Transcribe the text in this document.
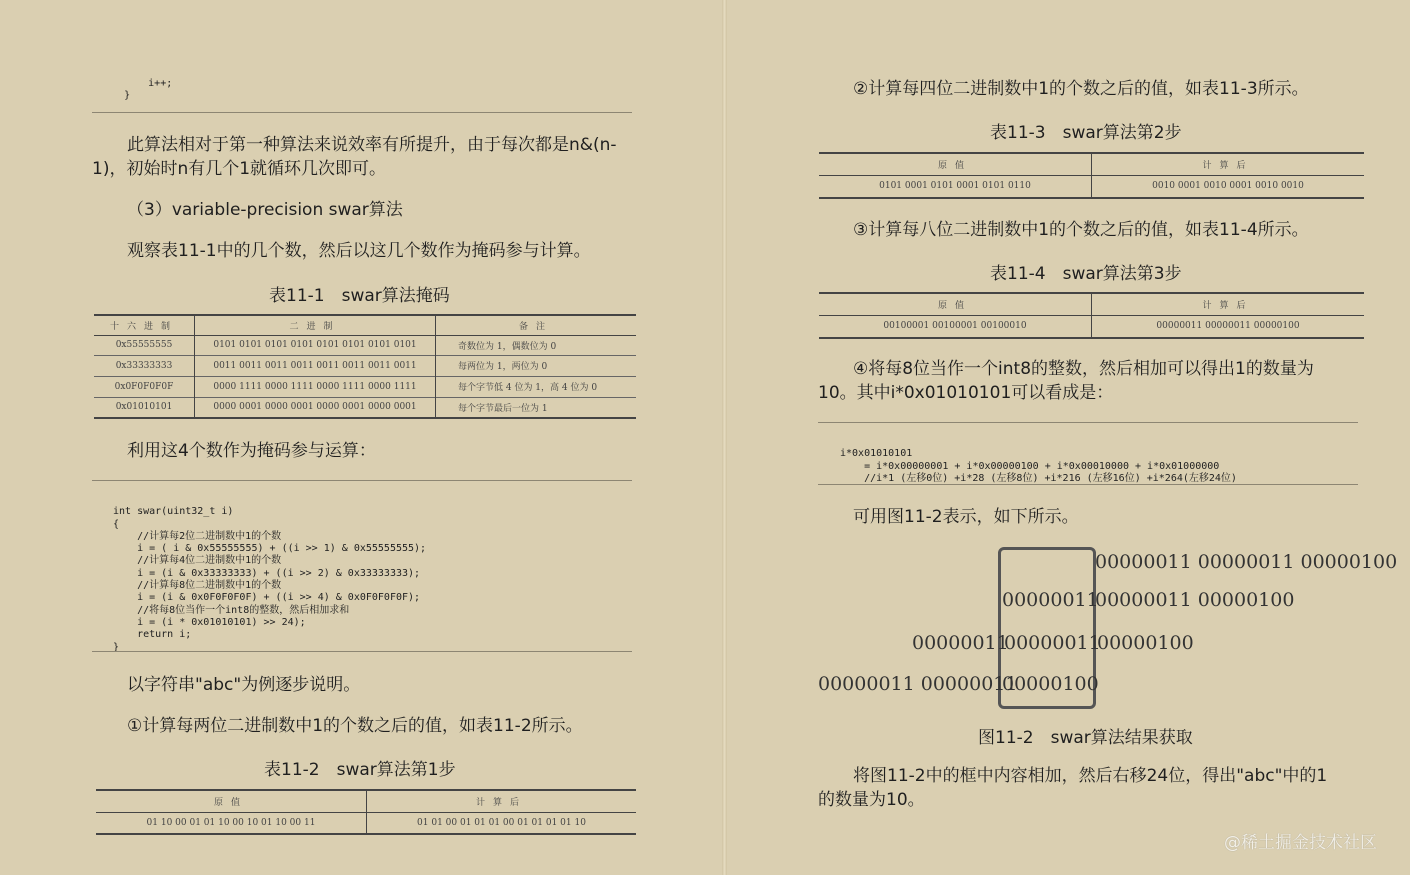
i++;
}
此算法相对于第一种算法来说效率有所提升，由于每次都是n&(n-
1)，初始时n有几个1就循环几次即可。
（3）variable-precision swar算法
观察表11-1中的几个数，然后以这几个数作为掩码参与计算。
表11-1　swar算法掩码
十六进制	二进制	备注
0x55555555	0101 0101 0101 0101 0101 0101 0101 0101	奇数位为 1，偶数位为 0
0x33333333	0011 0011 0011 0011 0011 0011 0011 0011	每两位为 1，两位为 0
0x0F0F0F0F	0000 1111 0000 1111 0000 1111 0000 1111	每个字节低 4 位为 1，高 4 位为 0
0x01010101	0000 0001 0000 0001 0000 0001 0000 0001	每个字节最后一位为 1
利用这4个数作为掩码参与运算：

int swar(uint32_t i)
{
//计算每2位二进制数中1的个数
i = ( i & 0x55555555) + ((i >> 1) & 0x55555555);
//计算每4位二进制数中1的个数
i = (i & 0x33333333) + ((i >> 2) & 0x33333333);
//计算每8位二进制数中1的个数
i = (i & 0x0F0F0F0F) + ((i >> 4) & 0x0F0F0F0F);
//将每8位当作一个int8的整数，然后相加求和
i = (i * 0x01010101) >> 24);
return i;
}

以字符串"abc"为例逐步说明。
①计算每两位二进制数中1的个数之后的值，如表11-2所示。
表11-2　swar算法第1步
原值	计算后
01 10 00 01 01 10 00 10 01 10 00 11	01 01 00 01 01 01 00 01 01 01 01 10
②计算每四位二进制数中1的个数之后的值，如表11-3所示。
表11-3　swar算法第2步
原值	计算后
0101 0001 0101 0001 0101 0110	0010 0001 0010 0001 0010 0010
③计算每八位二进制数中1的个数之后的值，如表11-4所示。
表11-4　swar算法第3步
原值	计算后
00100001 00100001 00100010	00000011 00000011 00000100
④将每8位当作一个int8的整数，然后相加可以得出1的数量为
10。其中i*0x01010101可以看成是：

i*0x01010101
= i*0x00000001 + i*0x00000100 + i*0x00010000 + i*0x01000000
//i*1 (左移0位) +i*28 (左移8位) +i*216 (左移16位) +i*264(左移24位)

可用图11-2表示，如下所示。
00000011 00000011 00000100
00000011
00000011 00000100
00000011
00000011
00000100
00000011 00000011
00000100
图11-2　swar算法结果获取
将图11-2中的框中内容相加，然后右移24位，得出"abc"中的1
的数量为10。
@稀土掘金技术社区
